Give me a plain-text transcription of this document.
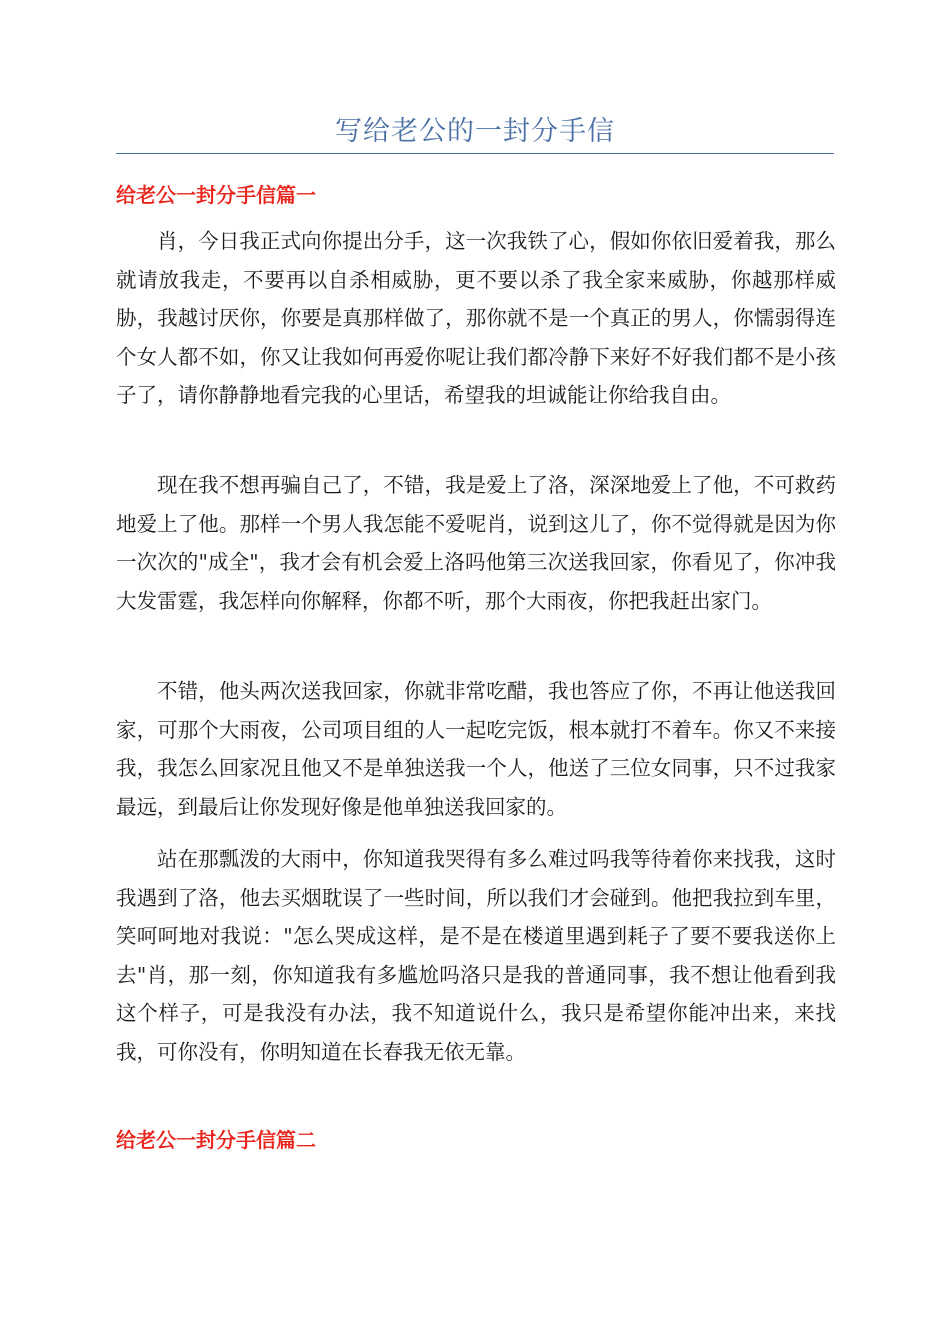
写给老公的一封分手信
给老公一封分手信篇一

肖，今日我正式向你提出分手，这一次我铁了心，假如你依旧爱着我，那么就请放我走，不要再以自杀相威胁，更不要以杀了我全家来威胁，你越那样威胁，我越讨厌你，你要是真那样做了，那你就不是一个真正的男人，你懦弱得连个女人都不如，你又让我如何再爱你呢让我们都冷静下来好不好我们都不是小孩子了，请你静静地看完我的心里话，希望我的坦诚能让你给我自由。

现在我不想再骗自己了，不错，我是爱上了洛，深深地爱上了他，不可救药地爱上了他。那样一个男人我怎能不爱呢肖，说到这儿了，你不觉得就是因为你一次次的"成全"，我才会有机会爱上洛吗他第三次送我回家，你看见了，你冲我大发雷霆，我怎样向你解释，你都不听，那个大雨夜，你把我赶出家门。

不错，他头两次送我回家，你就非常吃醋，我也答应了你，不再让他送我回家，可那个大雨夜，公司项目组的人一起吃完饭，根本就打不着车。你又不来接我，我怎么回家况且他又不是单独送我一个人，他送了三位女同事，只不过我家最远，到最后让你发现好像是他单独送我回家的。

站在那瓢泼的大雨中，你知道我哭得有多么难过吗我等待着你来找我，这时我遇到了洛，他去买烟耽误了一些时间，所以我们才会碰到。他把我拉到车里，笑呵呵地对我说："怎么哭成这样，是不是在楼道里遇到耗子了要不要我送你上去"肖，那一刻，你知道我有多尴尬吗洛只是我的普通同事，我不想让他看到我这个样子，可是我没有办法，我不知道说什么，我只是希望你能冲出来，来找我，可你没有，你明知道在长春我无依无靠。

给老公一封分手信篇二
